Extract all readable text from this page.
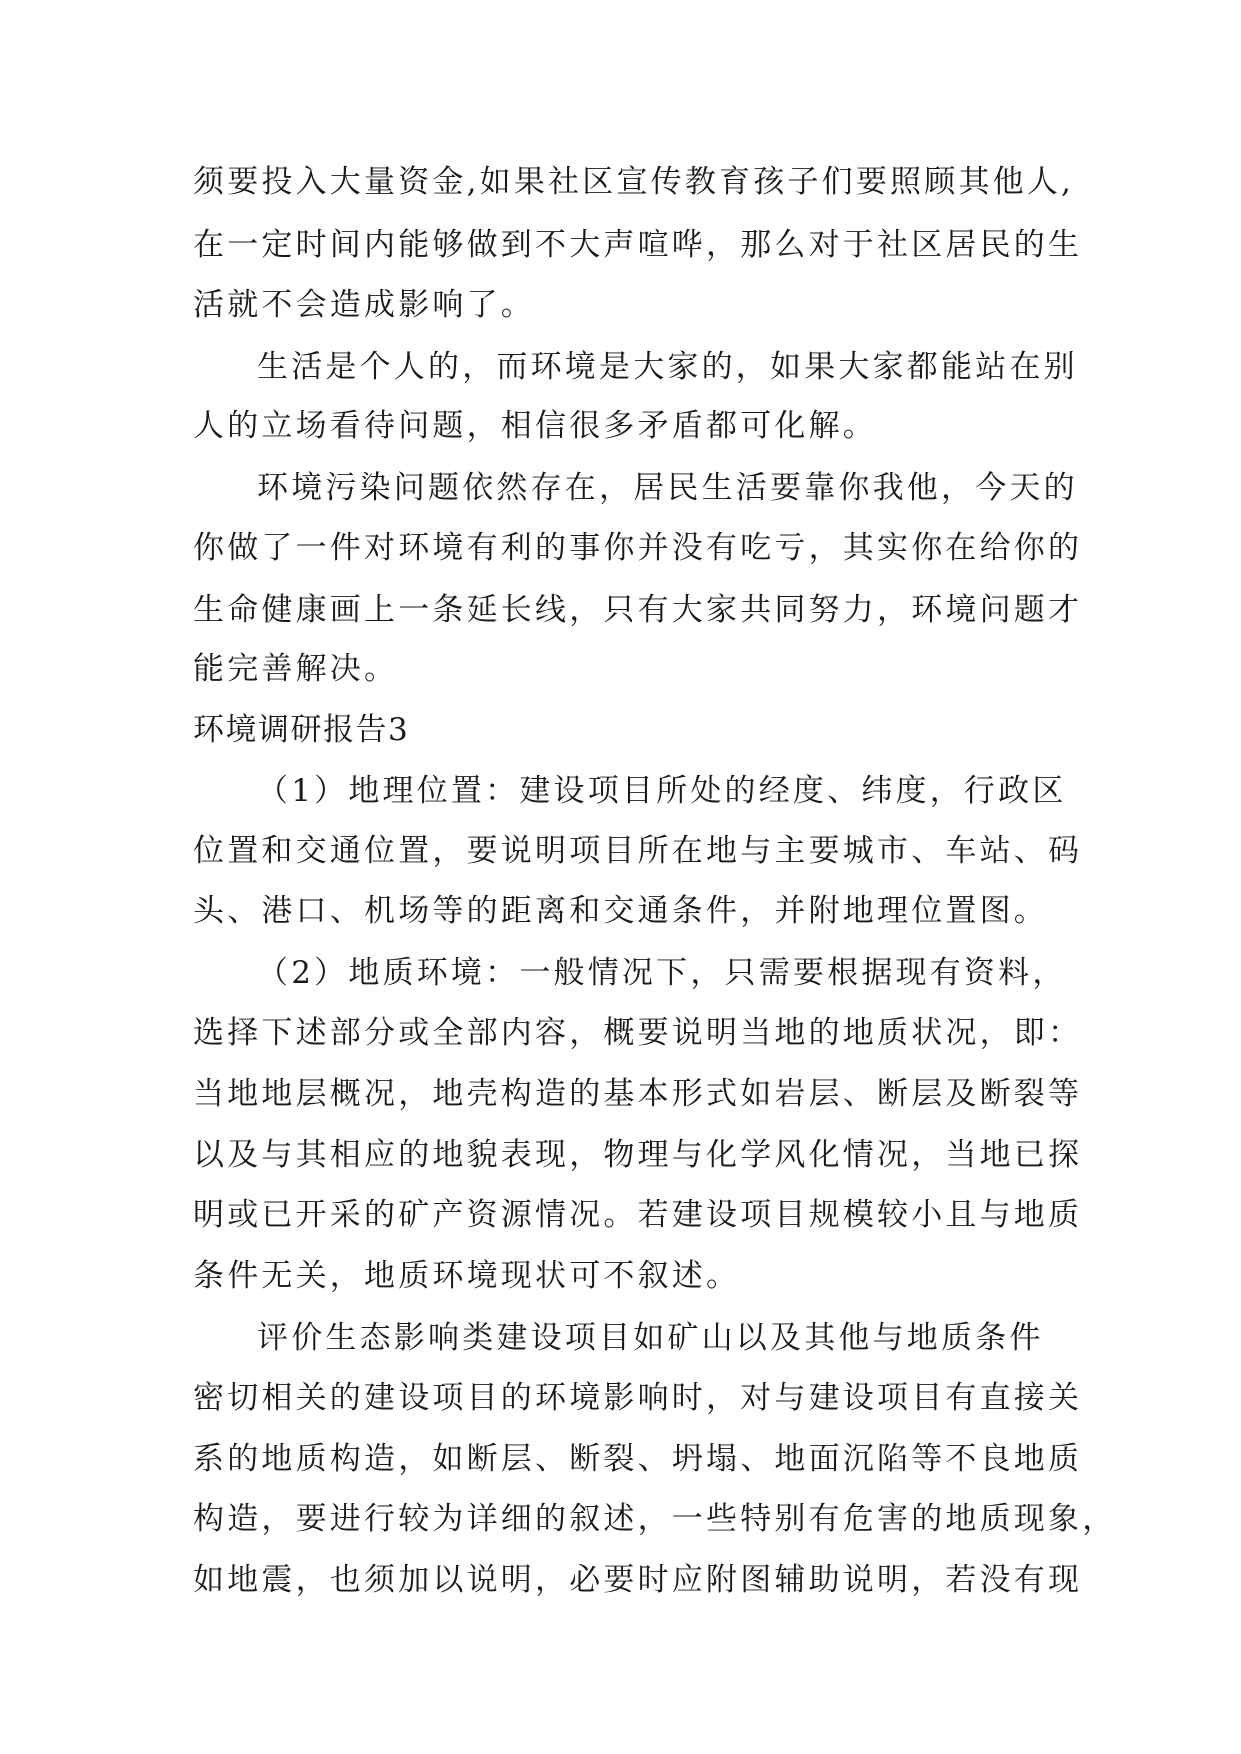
须要投入大量资金,如果社区宣传教育孩子们要照顾其他人,

在一定时间内能够做到不大声喧哗，那么对于社区居民的生

活就不会造成影响了。

生活是个人的，而环境是大家的，如果大家都能站在别

人的立场看待问题，相信很多矛盾都可化解。

环境污染问题依然存在，居民生活要靠你我他，今天的

你做了一件对环境有利的事你并没有吃亏，其实你在给你的

生命健康画上一条延长线，只有大家共同努力，环境问题才

能完善解决。

环境调研报告3

（1）地理位置：建设项目所处的经度、纬度，行政区

位置和交通位置，要说明项目所在地与主要城市、车站、码

头、港口、机场等的距离和交通条件，并附地理位置图。

（2）地质环境：一般情况下，只需要根据现有资料，

选择下述部分或全部内容，概要说明当地的地质状况，即：

当地地层概况，地壳构造的基本形式如岩层、断层及断裂等

以及与其相应的地貌表现，物理与化学风化情况，当地已探

明或已开采的矿产资源情况。若建设项目规模较小且与地质

条件无关，地质环境现状可不叙述。

评价生态影响类建设项目如矿山以及其他与地质条件

密切相关的建设项目的环境影响时，对与建设项目有直接关

系的地质构造，如断层、断裂、坍塌、地面沉陷等不良地质

构造，要进行较为详细的叙述，一些特别有危害的地质现象，

如地震，也须加以说明，必要时应附图辅助说明，若没有现
